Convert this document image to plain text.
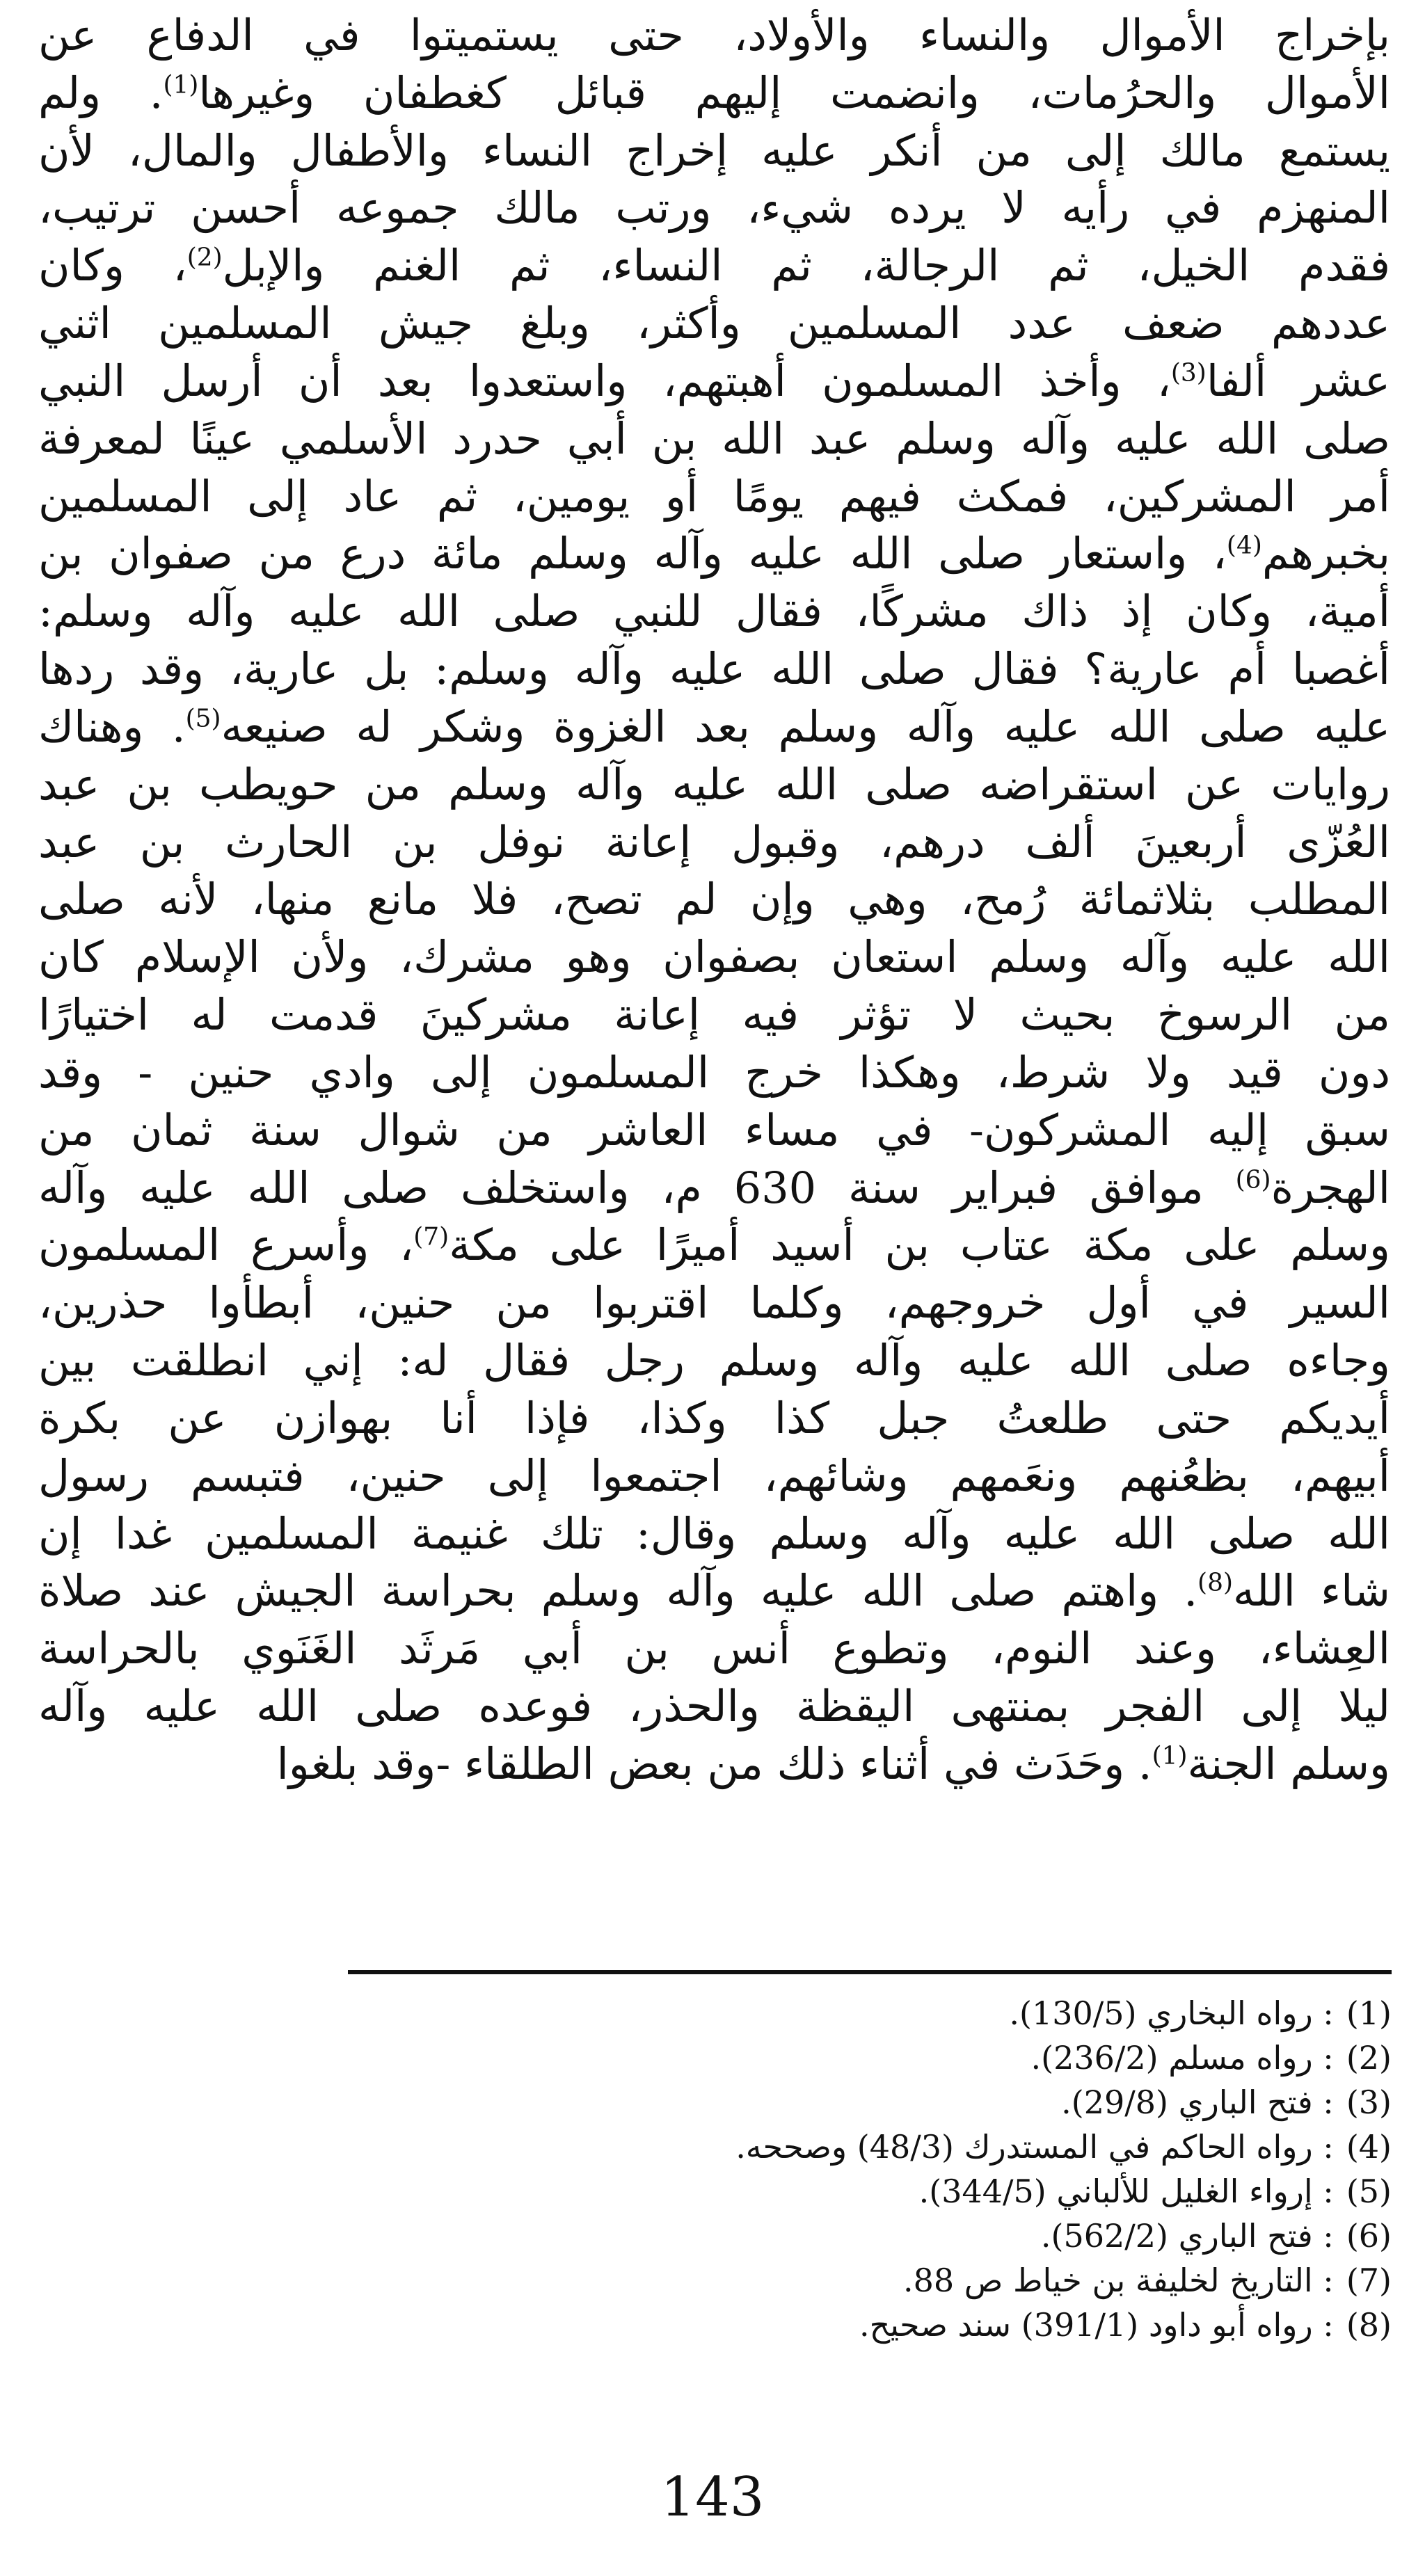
بإخراج الأموال والنساء والأولاد، حتى يستميتوا في الدفاع عن
الأموال والحرُمات، وانضمت إليهم قبائل كغطفان وغيرها$^{(1)}$. ولم
يستمع مالك إلى من أنكر عليه إخراج النساء والأطفال والمال، لأن
المنهزم في رأيه لا يرده شيء، ورتب مالك جموعه أحسن ترتيب،
فقدم الخيل، ثم الرجالة، ثم النساء، ثم الغنم والإبل$^{(2)}$، وكان
عددهم ضعف عدد المسلمين وأكثر، وبلغ جيش المسلمين اثني
عشر ألفا$^{(3)}$، وأخذ المسلمون أهبتهم، واستعدوا بعد أن أرسل النبي
صلى الله عليه وآله وسلم عبد الله بن أبي حدرد الأسلمي عينًا لمعرفة
أمر المشركين، فمكث فيهم يومًا أو يومين، ثم عاد إلى المسلمين
بخبرهم$^{(4)}$، واستعار صلى الله عليه وآله وسلم مائة درع من صفوان بن
أمية، وكان إذ ذاك مشركًا، فقال للنبي صلى الله عليه وآله وسلم:
أغصبا أم عارية؟ فقال صلى الله عليه وآله وسلم: بل عارية، وقد ردها
عليه صلى الله عليه وآله وسلم بعد الغزوة وشكر له صنيعه$^{(5)}$. وهناك
روايات عن استقراضه صلى الله عليه وآله وسلم من حويطب بن عبد
العُزّى أربعينَ ألف درهم، وقبول إعانة نوفل بن الحارث بن عبد
المطلب بثلاثمائة رُمح، وهي وإن لم تصح، فلا مانع منها، لأنه صلى
الله عليه وآله وسلم استعان بصفوان وهو مشرك، ولأن الإسلام كان
من الرسوخ بحيث لا تؤثر فيه إعانة مشركينَ قدمت له اختيارًا
دون قيد ولا شرط، وهكذا خرج المسلمون إلى وادي حنين - وقد
سبق إليه المشركون- في مساء العاشر من شوال سنة ثمان من
الهجرة$^{(6)}$ موافق فبراير سنة 630 م، واستخلف صلى الله عليه وآله
وسلم على مكة عتاب بن أسيد أميرًا على مكة$^{(7)}$، وأسرع المسلمون
السير في أول خروجهم، وكلما اقتربوا من حنين، أبطأوا حذرين،
وجاءه صلى الله عليه وآله وسلم رجل فقال له: إني انطلقت بين
أيديكم حتى طلعتُ جبل كذا وكذا، فإذا أنا بهوازن عن بكرة
أبيهم، بظعُنهم ونعَمهم وشائهم، اجتمعوا إلى حنين، فتبسم رسول
الله صلى الله عليه وآله وسلم وقال: تلك غنيمة المسلمين غدا إن
شاء الله$^{(8)}$. واهتم صلى الله عليه وآله وسلم بحراسة الجيش عند صلاة
العِشاء، وعند النوم، وتطوع أنس بن أبي مَرثَد الغَنَوي بالحراسة
ليلا إلى الفجر بمنتهى اليقظة والحذر، فوعده صلى الله عليه وآله
وسلم الجنة$^{(1)}$. وحَدَث في أثناء ذلك من بعض الطلقاء -وقد بلغوا
(1): رواه البخاري (130/5).
(2): رواه مسلم (236/2).
(3): فتح الباري (29/8).
(4): رواه الحاكم في المستدرك (48/3) وصححه.
(5): إرواء الغليل للألباني (344/5).
(6): فتح الباري (562/2).
(7): التاريخ لخليفة بن خياط ص 88.
(8): رواه أبو داود (391/1) سند صحيح.
143
